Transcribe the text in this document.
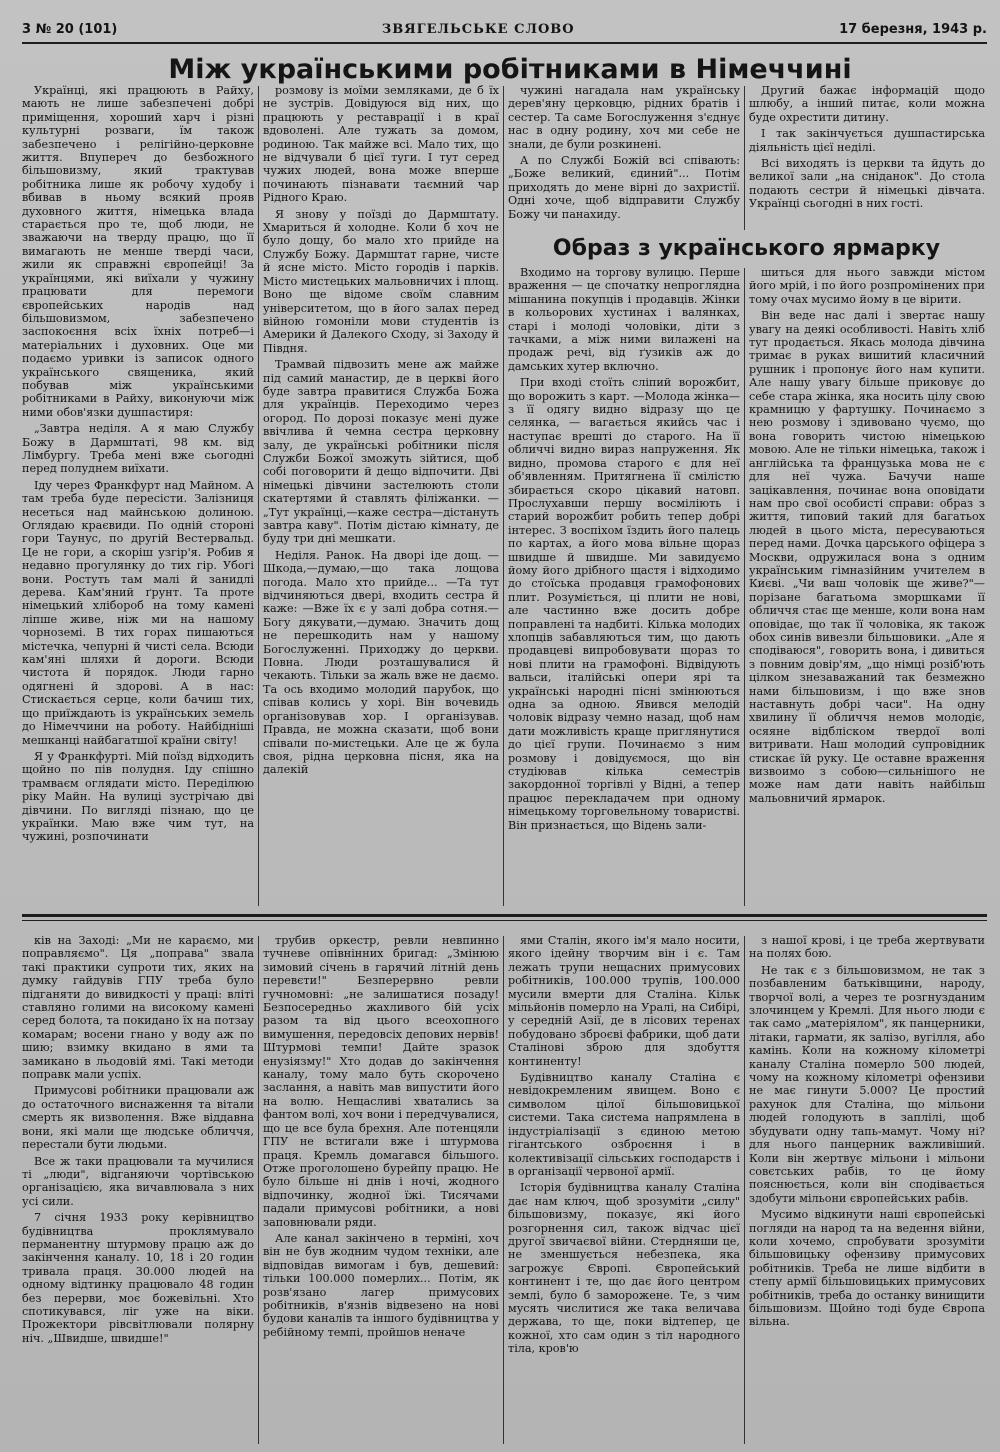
3 № 20 (101)	ЗВЯГЕЛЬСЬКЕ СЛОВО	17 березня, 1943 р.
Між українськими робітниками в Німеччині

Українці, які працюють в Райху, мають не лише забезпечені добрі приміщення, хороший харч і різні культурні розваги, їм також забезпечено і релігійно-церковне життя. Впупереч до безбожного більшовизму, який трактував робітника лише як робочу худобу і вбивав в ньому всякий прояв духовного життя, німецька влада старається про те, щоб люди, не зважаючи на тверду працю, що її вимагають не менше тверді часи, жили як справжні європейці! За українцями, які виїхали у чужину працювати для перемоги європейських народів над більшовизмом, забезпечено заспокоєння всіх їхніх потреб—і матеріальних і духовних. Оце ми подаємо уривки із записок одного українського священика, який побував між українськими робітниками в Райху, виконуючи між ними обов'язки душпастиря:

„Завтра неділя. А я маю Службу Божу в Дармштаті, 98 км. від Лімбургу. Треба мені вже сьогодні перед полуднем виїхати.

Іду через Франкфурт над Майном. А там треба буде пересісти. Залізниця несеться над майнською долиною. Оглядаю краєвиди. По одній стороні гори Таунус, по другій Вестервальд. Це не гори, а скоріш узгір'я. Робив я недавно прогулянку до тих гір. Убогі вони. Ростуть там малі й занидлі дерева. Кам'яний ґрунт. Та проте німецький хлібороб на тому камені ліпше живе, ніж ми на нашому чорноземі. В тих горах пишаються містечка, чепурні й чисті села. Всюди кам'яні шляхи й дороги. Всюди чистота й порядок. Люди гарно одягнені й здорові. А в нас: Стискається серце, коли бачиш тих, що приїждають із українських земель до Німеччини на роботу. Найбідніші мешканці найбагатшої країни світу!

Я у Франкфурті. Мій поїзд відходить щойно по пів полудня. Іду спішно трамваєм оглядати місто. Переділюю ріку Майн. На вулиці зустрічаю дві дівчини. По вигляді пізнаю, що це українки. Маю вже чим тут, на чужині, розпочинати

розмову із моїми земляками, де б їх не зустрів. Довідуюся від них, що працюють у реставрації і в краї вдоволені. Але тужать за домом, родиною. Так майже всі. Мало тих, що не відчували б цієї туги. І тут серед чужих людей, вона може вперше починають пізнавати таємний чар Рідного Краю.

Я знову у поїзді до Дармштату. Хмариться й холодне. Коли б хоч не було дощу, бо мало хто прийде на Службу Божу. Дармштат гарне, чисте й ясне місто. Місто городів і парків. Місто мистецьких мальовничих і площ. Воно ще відоме своїм славним університетом, що в його залах перед війною гомоніли мови студентів із Америки й Далекого Сходу, зі Заходу й Півдня.

Трамвай підвозить мене аж майже під самий манастир, де в церкві його буде завтра правитися Служба Божа для українців. Переходимо через огород. По дорозі показує мені дуже ввічлива й чемна сестра церковну залу, де українські робітники після Служби Божої зможуть зійтися, щоб собі поговорити й дещо відпочити. Дві німецькі дівчини застелюють столи скатертями й ставлять філіжанки. —„Тут українці,—каже сестра—дістануть завтра каву". Потім дістаю кімнату, де буду три дні мешкати.

Неділя. Ранок. На дворі іде дощ. —Шкода,—думаю,—що така лощова погода. Мало хто прийде... —Та тут відчиняються двері, входить сестра й каже: —Вже їх є у залі добра сотня.—Богу дякувати,—думаю. Значить дощ не перешкодить нам у нашому Богослуженні. Приходжу до церкви. Повна. Люди розташувалися й чекають. Тільки за жаль вже не даємо. Та ось входимо молодий парубок, що співав колись у хорі. Він вочевидь організовував хор. І організував. Правда, не можна сказати, щоб вони співали по-мистецьки. Але це ж була своя, рідна церковна пісня, яка на далекій

чужині нагадала нам українську дерев'яну церковцю, рідних братів і сестер. Та саме Богослуження з'єднує нас в одну родину, хоч ми себе не знали, де були розкинені.

А по Службі Божій всі співають: „Боже великий, єдиний"... Потім приходять до мене вірні до захристії. Одні хоче, щоб відправити Службу Божу чи панахиду.

Другий бажає інформацій щодо шлюбу, а інший питає, коли можна буде охрестити дитину.

І так закінчується душпастирська діяльність цієї неділі.

Всі виходять із церкви та йдуть до великої зали „на сніданок". До стола подають сестри й німецькі дівчата. Українці сьогодні в них гості.

Образ з українського ярмарку

Входимо на торгову вулицю. Перше враження — це спочатку непроглядна мішанина покупців і продавців. Жінки в кольорових хустинах і валянках, старі і молоді чоловіки, діти з тачками, а між ними вилажені на продаж речі, від ґузиків аж до дамських хутер включно.

При вході стоїть сліпий ворожбит, що ворожить з карт. —Молода жінка—з її одягу видно відразу що це селянка, — вагається якийсь час і наступає врешті до старого. На її обличчі видно вираз напруження. Як видно, промова старого є для неї об'явленням. Притягнена її смілістю збирається скоро цікавий натовп. Прослухавши першу восміліють і старий ворожбит робить тепер добрі інтерес. З воспіхом їздить його палець по картах, а його мова вільне щораз швидше й швидше. Ми завидуємо йому його дрібного щастя і відходимо до стоїська продавця грамофонових плит. Розуміється, ці плити не нові, але частинно вже досить добре поправлені та надбиті. Кілька молодих хлопців забавляються тим, що дають продавцеві випробовувати щораз то нові плити на грамофоні. Відвідують вальси, італійські опери ярі та українські народні пісні змінюються одна за одною. Явився мелодій чоловік відразу чемно назад, щоб нам дати можливість краще приглянутися до цієї групи. Починаємо з ним розмову і довідуємося, що він студіював кілька семестрів закордонної торгівлі у Відні, а тепер працює перекладачем при одному німецькому торговельному товаристві. Він признається, що Відень зали-

шиться для нього завжди містом його мрій, і по його розпромінених при тому очах мусимо йому в це вірити.

Він веде нас далі і звертає нашу увагу на деякі особливості. Навіть хліб тут продається. Якась молода дівчина тримає в руках вишитий класичний рушник і пропонує його нам купити. Але нашу увагу більше приковує до себе стара жінка, яка носить цілу свою крамницю у фартушку. Починаємо з нею розмову і здивовано чуємо, що вона говорить чистою німецькою мовою. Але не тільки німецька, також і англійська та французька мова не є для неї чужа. Бачучи наше зацікавлення, починає вона оповідати нам про свої особисті справи: образ з життя, типовий такий для багатьох людей в цього міста, пересуваються перед нами. Дочка царського офіцера з Москви, одружилася вона з одним українським гімназійним учителем в Києві. „Чи ваш чоловік ще живе?"—порізане багатьома зморшками її обличчя стає ще менше, коли вона нам оповідає, що так її чоловіка, як також обох синів вивезли більшовики. „Але я сподіваюся", говорить вона, і дивиться з повним довір'ям, „що німці розіб'ють цілком знезаважаний так безмежно нами більшовизм, і що вже знов наставнуть добрі часи". На одну хвилину її обличчя немов молодіє, осяяне відбліском твердої волі витривати. Наш молодий супровідник стискає їй руку. Це оставне враження визвоимо з собою—сильнішого не може нам дати навіть найбільш мальовничий ярмарок.

ків на Заході: „Ми не караємо, ми поправляємо". Ця „поправа" звала такі практики супроти тих, яких на думку гайдувів ГПУ треба було підганяти до вивидкості у праці: вліті ставляно голими на високому камені серед болота, та покидано їх на потзау комарам; восени гнано у воду аж по шию; взимку вкидано в ями та замикано в льодовій ямі. Такі методи поправк мали успіх.

Примусові робітники працювали аж до остаточного виснаження та вітали смерть як визволення. Вже віддавна вони, які мали ще людське обличчя, перестали бути людьми.

Все ж таки працювали та мучилися ті „люди", відганяючи чортівською організацією, яка вичавлювала з них усі сили.

7 січня 1933 року керівництво будівництва проклямувало перманентну штурмову працю аж до закінчення каналу. 10, 18 і 20 годин тривала праця. 30.000 людей на одному відтинку працювало 48 годин без перерви, моє божевільні. Хто спотикувався, ліг уже на віки. Прожектори рівсвітлювали полярну ніч. „Швидше, швидше!"

трубив оркестр, ревли невпинно тучневе опівнінних бригад: „Змінюю зимовий січень в гарячий літній день перевєти!" Безперервно ревли гучномовні: „не залишатися позаду! Безпосередньо жахливого бій усіх разом та від цього всеохопного вимушення, передовсіх депових нервів! Штурмові темпи! Дайте зразок енузіязму!" Хто додав до закінчення каналу, тому мало буть скорочено заслання, а навіть мав випустити його на волю. Нещасливі хватались за фантом волі, хоч вони і передчувалися, що це все була брехня. Але потенцяли ГПУ не встигали вже і штурмова праця. Кремль домагався більшого. Отже проголошено бурейпу працю. Не було більше ні днів і ночі, жодного відпочинку, жодної їжі. Тисячами падали примусові робітники, а нові заповнювали ряди.

Але канал закінчено в терміні, хоч він не був жодним чудом техніки, але відповідав вимогам і був, дешевий: тільки 100.000 померлих... Потім, як розв'язано лагер примусових робітників, в'язнів відвезено на нові будови каналів та іншого будівництва у ребійному темпі, пройшов неначе

ями Сталін, якого ім'я мало носити, якого ідейну творчим він і є. Там лежать трупи нещасних примусових робітників, 100.000 трупів, 100.000 мусили вмерти для Сталіна. Кільк мільйонів померло на Уралі, на Сибірі, у середній Азії, де в лісових теренах побудовано зброєві фабрики, щоб дати Сталінові зброю для здобуття континенту!

Будівництво каналу Сталіна є невідокремленим явищем. Воно є символом цілої більшовицької системи. Така система напрямлена в індустріалізації з єдиною метою гігантського озброєння і в колективізації сільських господарств і в організації червоної армії.

Історія будівництва каналу Сталіна дає нам ключ, щоб зрозуміти „силу" більшовизму, показує, які його розгорнення сил, також відчас цієї другої звичаєвої війни. Стердняши це, не зменшується небезпека, яка загрожує Європі. Європейський континент і те, що дає його центром землі, було б заморожене. Те, з чим мусять числитися же така величава держава, то ще, поки відтепер, це кожної, хто сам один з тіл народного тіла, кров'ю

з нашої крові, і це треба жертвувати на полях бою.

Не так є з більшовизмом, не так з позбавленим батьківщини, народу, творчої волі, а через те розгнузданим злочинцем у Кремлі. Для нього люди є так само „матеріялом", як панцерники, літаки, гармати, як залізо, вугілля, або камінь. Коли на кожному кілометрі каналу Сталіна померло 500 людей, чому на кожному кілометрі офензиви не має гинути 5.000? Це простий рахунок для Сталіна, що мільони людей голодують в заплілі, щоб збудувати одну тапь-мамут. Чому ні? для нього панцерник важливіший. Коли він жертвує мільони і мільони совєтських рабів, то це йому пояснюється, коли він сподівається здобути мільони європейських рабів.

Мусимо відкинути наші європейські погляди на народ та на ведення війни, коли хочемо, спробувати зрозуміти більшовицьку офензиву примусових робітників. Треба не лише відбити в степу армії більшовицьких примусових робітників, треба до останку винищити більшовизм. Щойно тоді буде Європа вільна.
